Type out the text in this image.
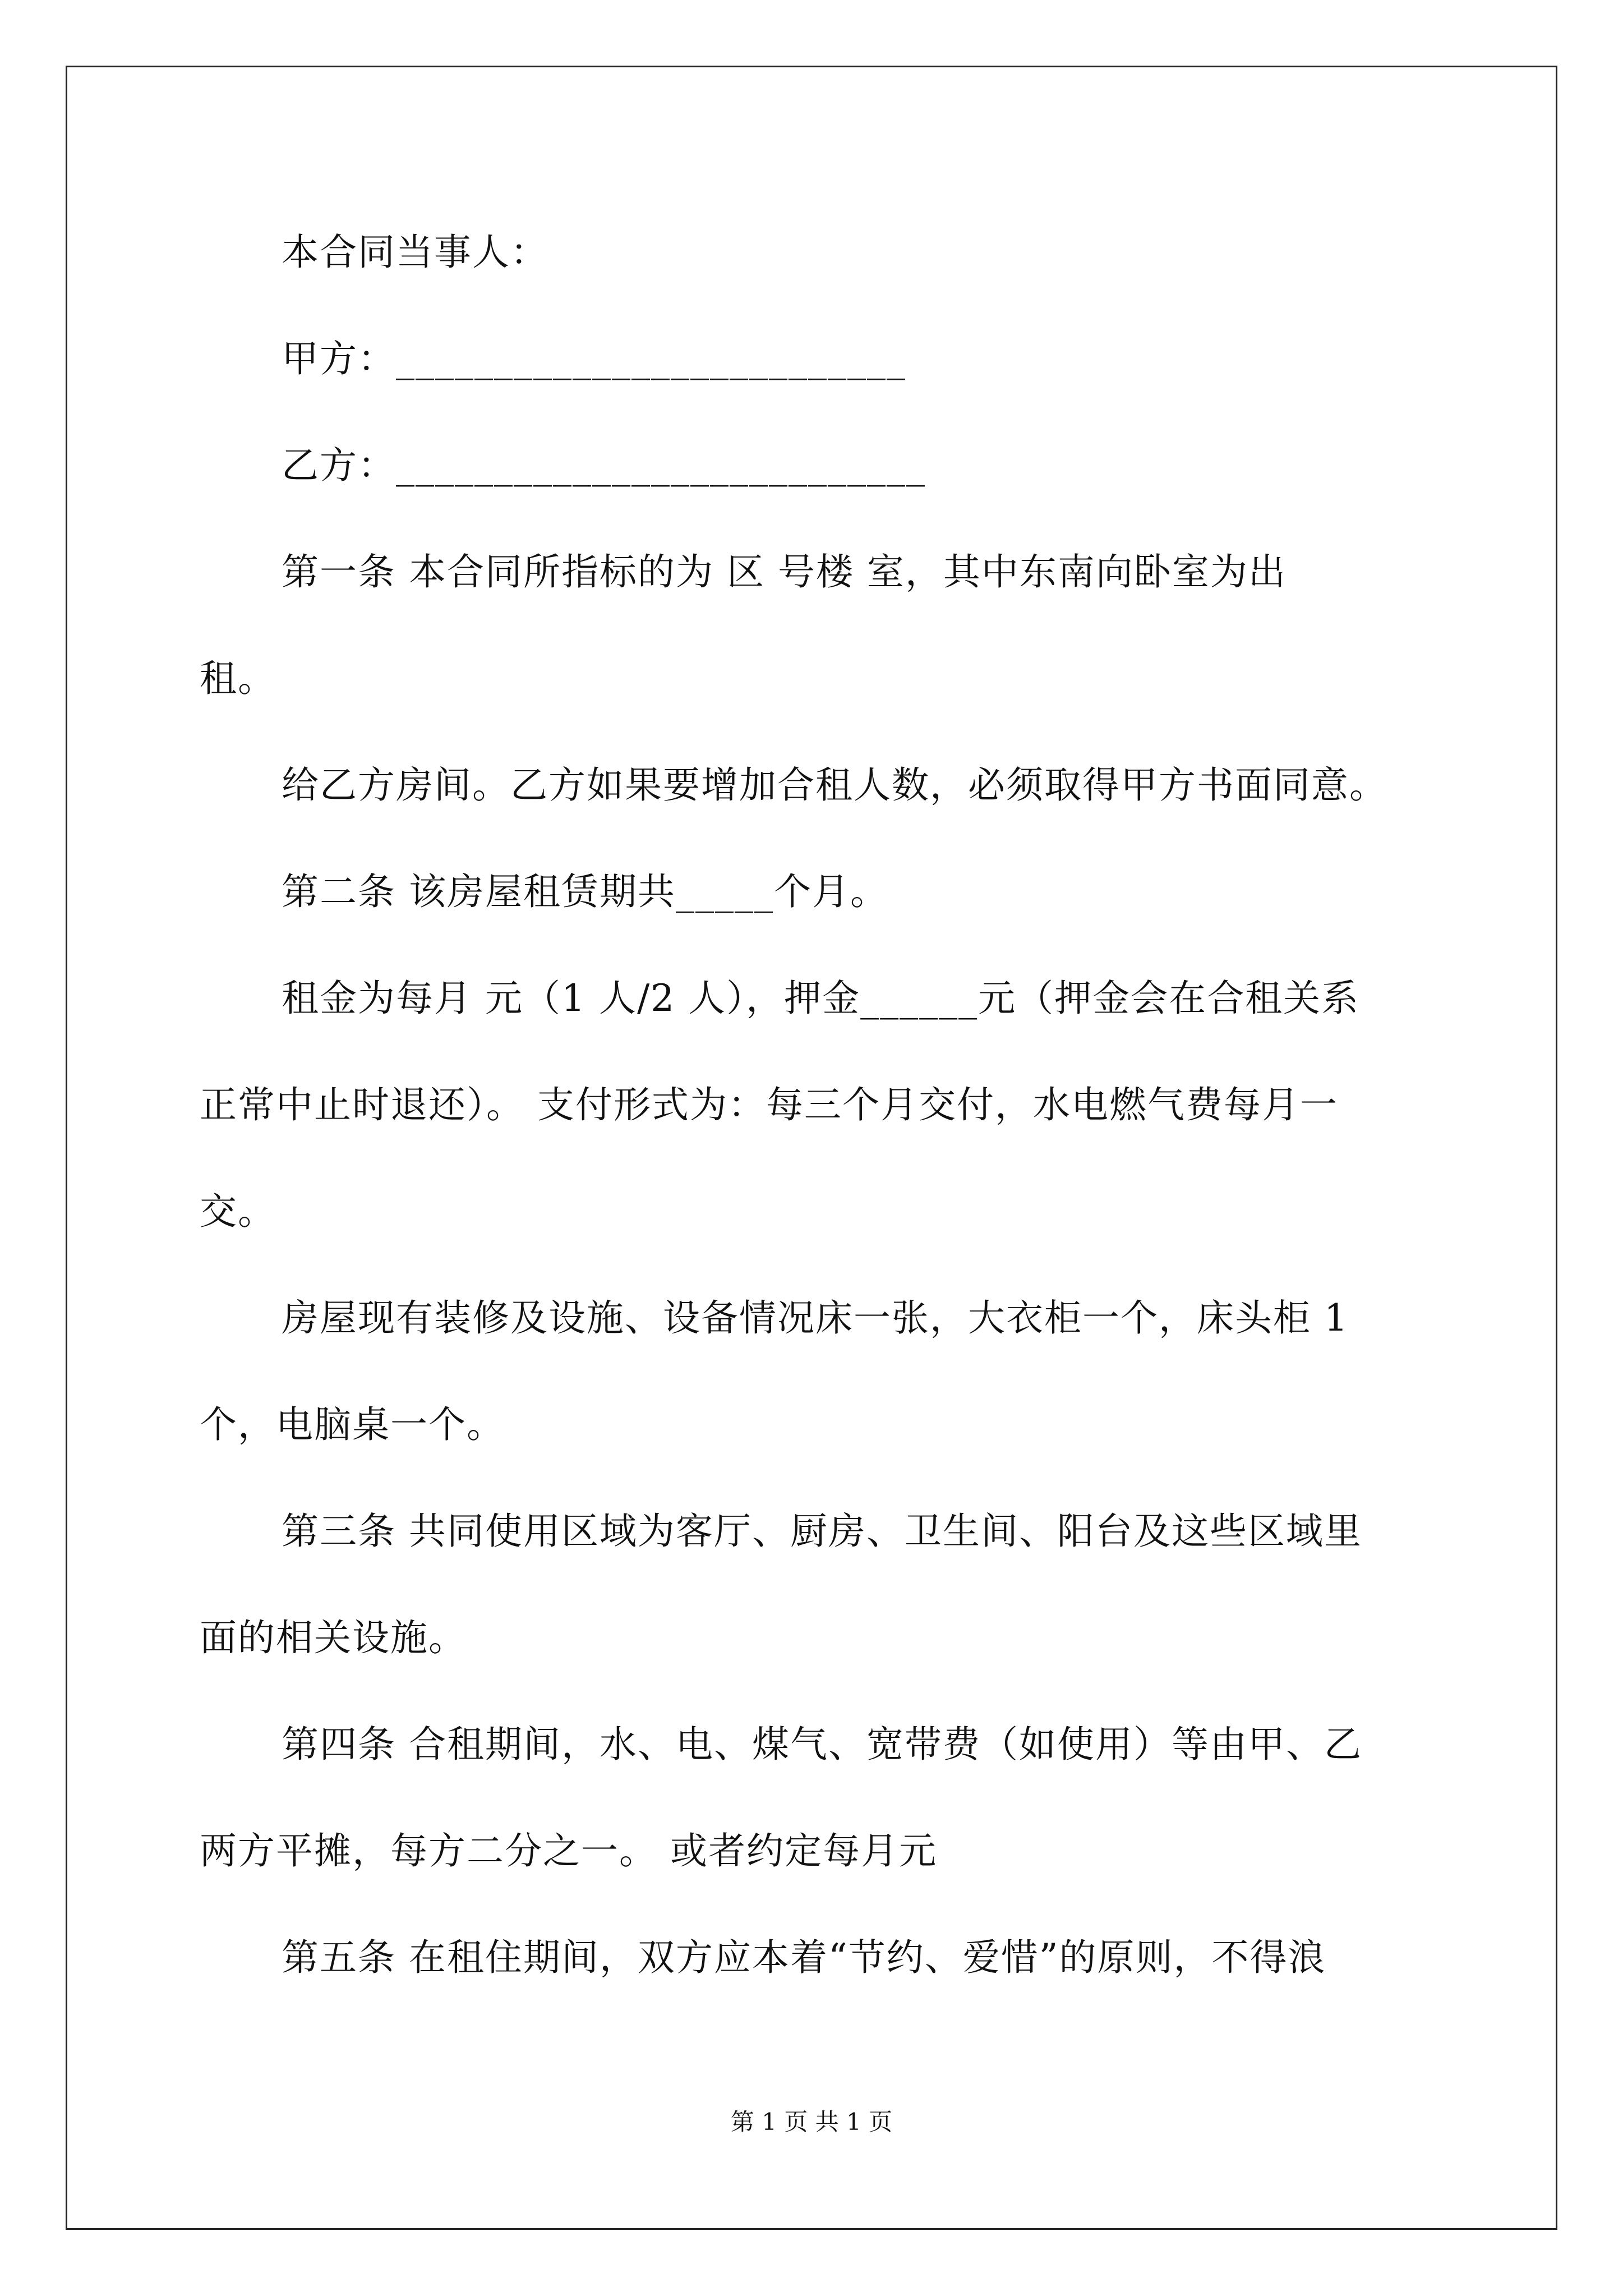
本合同当事人：
甲方：__________________________
乙方：___________________________
第一条 本合同所指标的为 区 号楼 室，其中东南向卧室为出
租。
给乙方房间。乙方如果要增加合租人数，必须取得甲方书面同意。
第二条 该房屋租赁期共_____个月。
租金为每月 元（1 人/2 人），押金______元（押金会在合租关系
正常中止时退还）。 支付形式为：每三个月交付，水电燃气费每月一
交。
房屋现有装修及设施、设备情况床一张，大衣柜一个，床头柜 1
个，电脑桌一个。
第三条 共同使用区域为客厅、厨房、卫生间、阳台及这些区域里
面的相关设施。
第四条 合租期间，水、电、煤气、宽带费（如使用）等由甲、乙
两方平摊，每方二分之一。 或者约定每月元
第五条 在租住期间，双方应本着“节约、爱惜”的原则，不得浪
第 1 页 共 1 页
